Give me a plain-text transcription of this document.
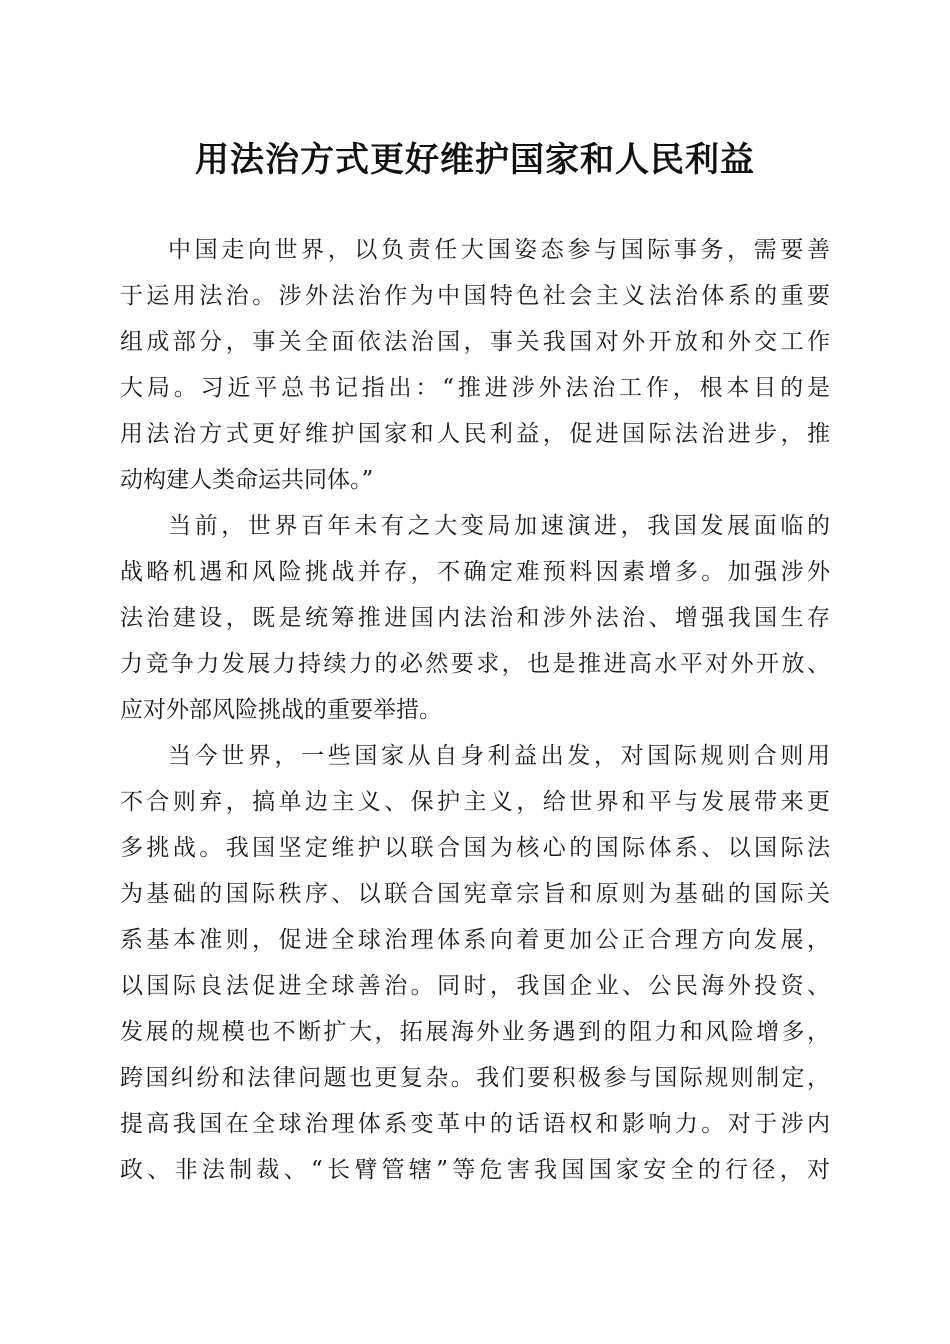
用法治方式更好维护国家和人民利益
中国走向世界，以负责任大国姿态参与国际事务，需要善
于运用法治。涉外法治作为中国特色社会主义法治体系的重要
组成部分，事关全面依法治国，事关我国对外开放和外交工作
大局。习近平总书记指出：“推进涉外法治工作，根本目的是
用法治方式更好维护国家和人民利益，促进国际法治进步，推
动构建人类命运共同体。”
当前，世界百年未有之大变局加速演进，我国发展面临的
战略机遇和风险挑战并存，不确定难预料因素增多。加强涉外
法治建设，既是统筹推进国内法治和涉外法治、增强我国生存
力竞争力发展力持续力的必然要求，也是推进高水平对外开放、
应对外部风险挑战的重要举措。
当今世界，一些国家从自身利益出发，对国际规则合则用
不合则弃，搞单边主义、保护主义，给世界和平与发展带来更
多挑战。我国坚定维护以联合国为核心的国际体系、以国际法
为基础的国际秩序、以联合国宪章宗旨和原则为基础的国际关
系基本准则，促进全球治理体系向着更加公正合理方向发展，
以国际良法促进全球善治。同时，我国企业、公民海外投资、
发展的规模也不断扩大，拓展海外业务遇到的阻力和风险增多，
跨国纠纷和法律问题也更复杂。我们要积极参与国际规则制定，
提高我国在全球治理体系变革中的话语权和影响力。对于涉内
政、非法制裁、“长臂管辖”等危害我国国家安全的行径，对
